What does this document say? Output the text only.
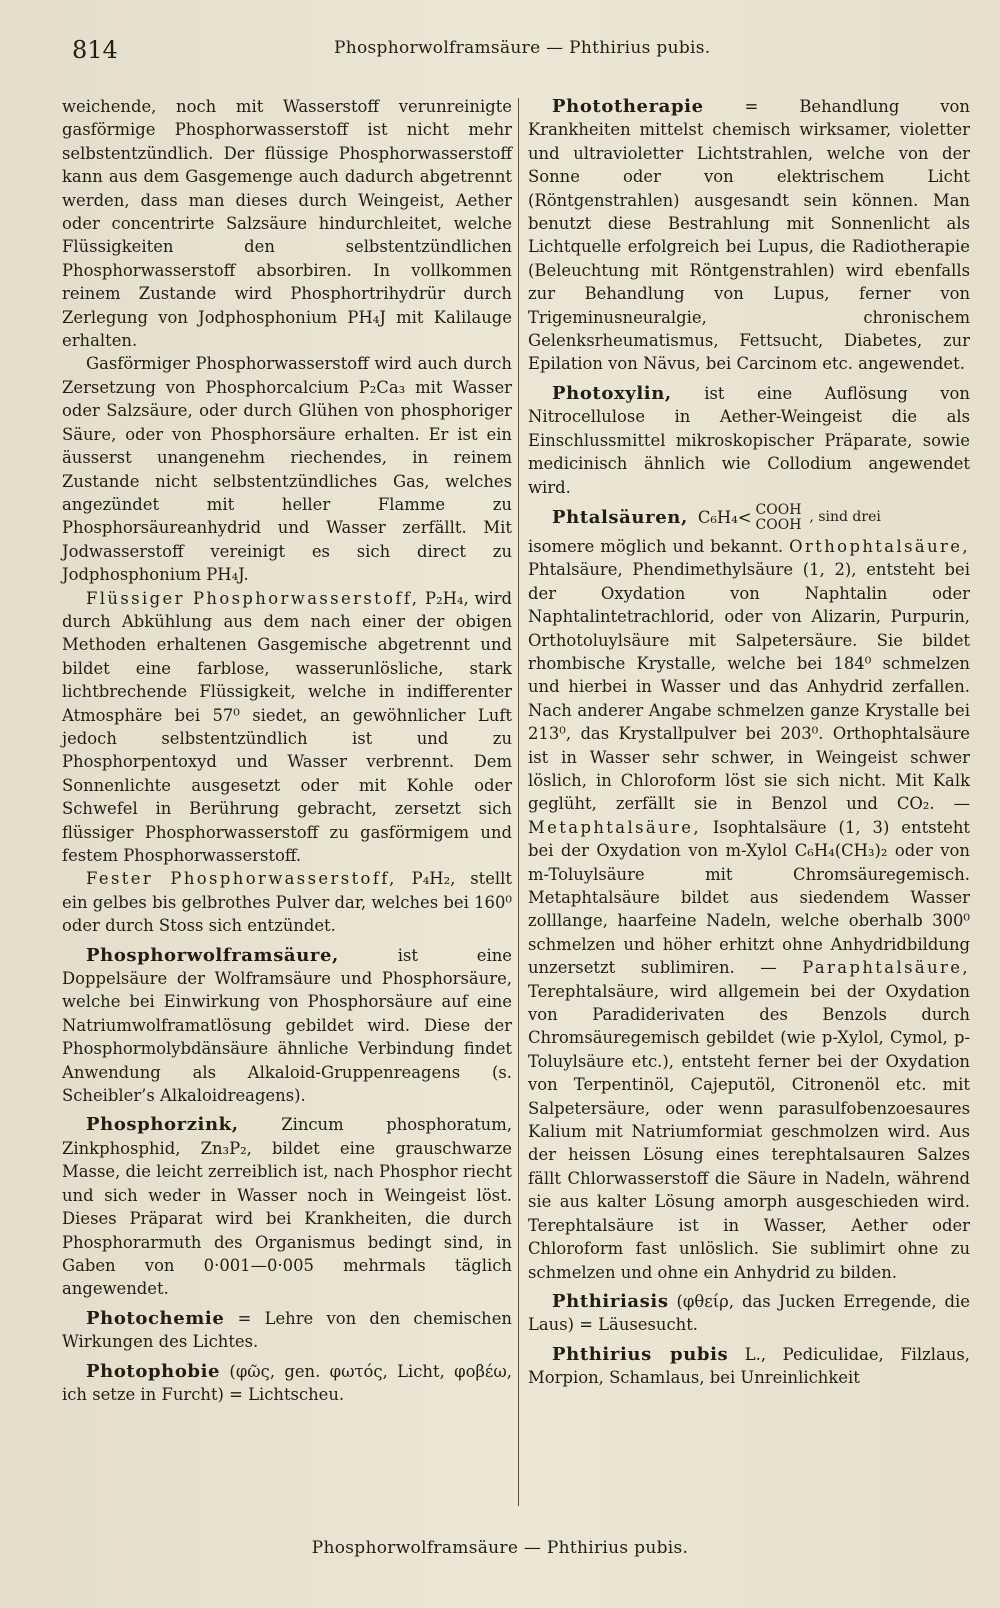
814	Phosphorwolframsäure — Phthirius pubis.

weichende, noch mit Wasserstoff verunreinigte gasförmige Phosphorwasserstoff ist nicht mehr selbstentzündlich. Der flüssige Phosphorwasserstoff kann aus dem Gasgemenge auch dadurch abgetrennt werden, dass man dieses durch Weingeist, Aether oder concentrirte Salzsäure hindurchleitet, welche Flüssigkeiten den selbstentzündlichen Phosphorwasserstoff absorbiren. In vollkommen reinem Zustande wird Phosphortrihydrür durch Zerlegung von Jodphosphonium PH₄J mit Kalilauge erhalten.

Gasförmiger Phosphorwasserstoff wird auch durch Zersetzung von Phosphorcalcium P₂Ca₃ mit Wasser oder Salzsäure, oder durch Glühen von phosphoriger Säure, oder von Phosphorsäure erhalten. Er ist ein äusserst unangenehm riechendes, in reinem Zustande nicht selbstentzündliches Gas, welches angezündet mit heller Flamme zu Phosphorsäureanhydrid und Wasser zerfällt. Mit Jodwasserstoff vereinigt es sich direct zu Jodphosphonium PH₄J.

Flüssiger Phosphorwasserstoff, P₂H₄, wird durch Abkühlung aus dem nach einer der obigen Methoden erhaltenen Gasgemische abgetrennt und bildet eine farblose, wasserunlösliche, stark lichtbrechende Flüssigkeit, welche in indifferenter Atmosphäre bei 57⁰ siedet, an gewöhnlicher Luft jedoch selbstentzündlich ist und zu Phosphorpentoxyd und Wasser verbrennt. Dem Sonnenlichte ausgesetzt oder mit Kohle oder Schwefel in Berührung gebracht, zersetzt sich flüssiger Phosphorwasserstoff zu gasförmigem und festem Phosphorwasserstoff.

Fester Phosphorwasserstoff, P₄H₂, stellt ein gelbes bis gelbrothes Pulver dar, welches bei 160⁰ oder durch Stoss sich entzündet.

Phosphorwolframsäure, ist eine Doppelsäure der Wolframsäure und Phosphorsäure, welche bei Einwirkung von Phosphorsäure auf eine Natriumwolframatlösung gebildet wird. Diese der Phosphormolybdänsäure ähnliche Verbindung findet Anwendung als Alkaloid-Gruppenreagens (s. Scheibler’s Alkaloidreagens).

Phosphorzink, Zincum phosphoratum, Zinkphosphid, Zn₃P₂, bildet eine grauschwarze Masse, die leicht zerreiblich ist, nach Phosphor riecht und sich weder in Wasser noch in Weingeist löst. Dieses Präparat wird bei Krankheiten, die durch Phosphorarmuth des Organismus bedingt sind, in Gaben von 0·001—0·005 mehrmals täglich angewendet.

Photochemie = Lehre von den chemischen Wirkungen des Lichtes.

Photophobie (φῶς, gen. φωτός, Licht, φοβέω, ich setze in Furcht) = Lichtscheu.

Phototherapie = Behandlung von Krankheiten mittelst chemisch wirksamer, violetter und ultravioletter Lichtstrahlen, welche von der Sonne oder von elektrischem Licht (Röntgenstrahlen) ausgesandt sein können. Man benutzt diese Bestrahlung mit Sonnenlicht als Lichtquelle erfolgreich bei Lupus, die Radiotherapie (Beleuchtung mit Röntgenstrahlen) wird ebenfalls zur Behandlung von Lupus, ferner von Trigeminusneuralgie, chronischem Gelenksrheumatismus, Fettsucht, Diabetes, zur Epilation von Nävus, bei Carcinom etc. angewendet.

Photoxylin, ist eine Auflösung von Nitrocellulose in Aether-Weingeist die als Einschlussmittel mikroskopischer Präparate, sowie medicinisch ähnlich wie Collodium angewendet wird.

Phtalsäuren, C₆H₄< COOH
COOH , sind drei

isomere möglich und bekannt. Orthophtalsäure, Phtalsäure, Phendimethylsäure (1, 2), entsteht bei der Oxydation von Naphtalin oder Naphtalintetrachlorid, oder von Alizarin, Purpurin, Orthotoluylsäure mit Salpetersäure. Sie bildet rhombische Krystalle, welche bei 184⁰ schmelzen und hierbei in Wasser und das Anhydrid zerfallen. Nach anderer Angabe schmelzen ganze Krystalle bei 213⁰, das Krystallpulver bei 203⁰. Orthophtalsäure ist in Wasser sehr schwer, in Weingeist schwer löslich, in Chloroform löst sie sich nicht. Mit Kalk geglüht, zerfällt sie in Benzol und CO₂. — Metaphtalsäure, Isophtalsäure (1, 3) entsteht bei der Oxydation von m-Xylol C₆H₄(CH₃)₂ oder von m-Toluylsäure mit Chromsäuregemisch. Metaphtalsäure bildet aus siedendem Wasser zolllange, haarfeine Nadeln, welche oberhalb 300⁰ schmelzen und höher erhitzt ohne Anhydridbildung unzersetzt sublimiren. — Paraphtalsäure, Terephtalsäure, wird allgemein bei der Oxydation von Paradiderivaten des Benzols durch Chromsäuregemisch gebildet (wie p-Xylol, Cymol, p-Toluylsäure etc.), entsteht ferner bei der Oxydation von Terpentinöl, Cajeputöl, Citronenöl etc. mit Salpetersäure, oder wenn parasulfobenzoesaures Kalium mit Natriumformiat geschmolzen wird. Aus der heissen Lösung eines terephtalsauren Salzes fällt Chlorwasserstoff die Säure in Nadeln, während sie aus kalter Lösung amorph ausgeschieden wird. Terephtalsäure ist in Wasser, Aether oder Chloroform fast unlöslich. Sie sublimirt ohne zu schmelzen und ohne ein Anhydrid zu bilden.

Phthiriasis (φθείρ, das Jucken Erregende, die Laus) = Läusesucht.

Phthirius pubis L., Pediculidae, Filzlaus, Morpion, Schamlaus, bei Unreinlichkeit

Phosphorwolframsäure — Phthirius pubis.
